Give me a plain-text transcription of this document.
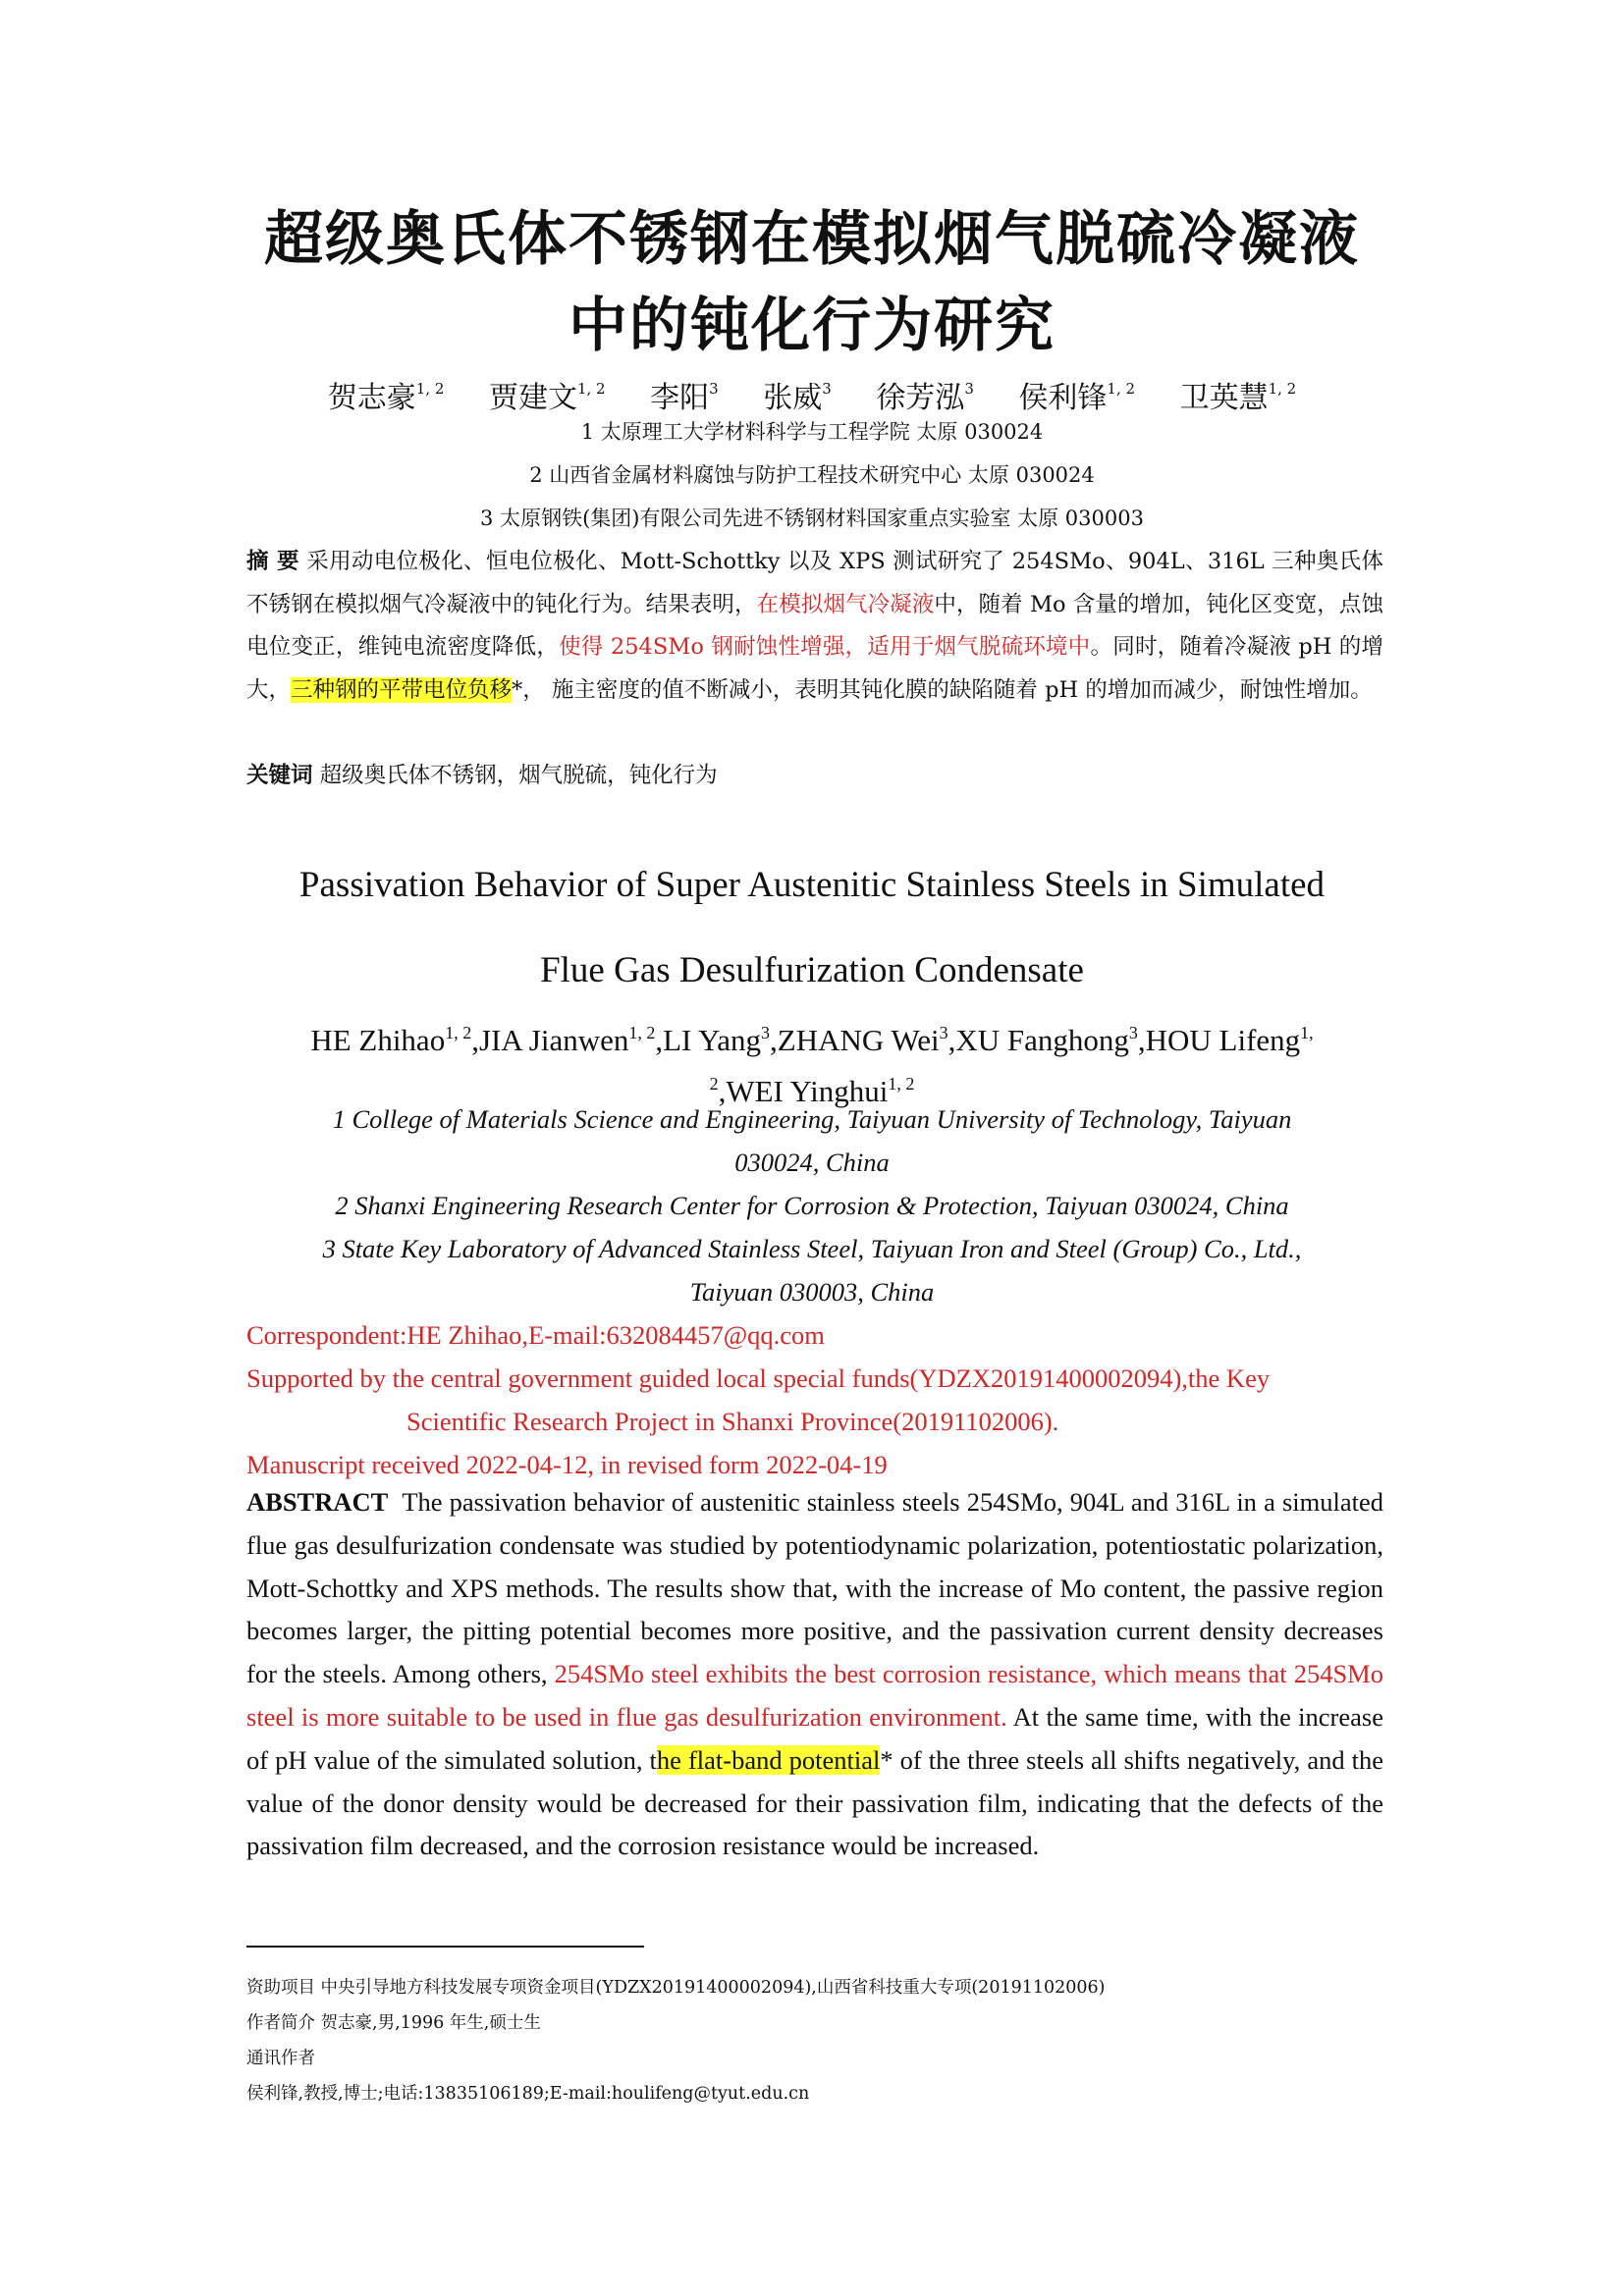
超级奥氏体不锈钢在模拟烟气脱硫冷凝液
中的钝化行为研究
贺志豪$^{1, 2}$ 贾建文$^{1, 2}$ 李阳$^3$ 张威$^3$ 徐芳泓$^3$ 侯利锋$^{1, 2}$ 卫英慧$^{1, 2}$
1 太原理工大学材料科学与工程学院 太原 030024
2 山西省金属材料腐蚀与防护工程技术研究中心 太原 030024
3 太原钢铁(集团)有限公司先进不锈钢材料国家重点实验室 太原 030003
摘 要 采用动电位极化、恒电位极化、Mott-Schottky 以及 XPS 测试研究了 254SMo、904L、316L 三种奥氏体不锈钢在模拟烟气冷凝液中的钝化行为。结果表明，在模拟烟气冷凝液中，随着 Mo 含量的增加，钝化区变宽，点蚀电位变正，维钝电流密度降低，使得 254SMo 钢耐蚀性增强，适用于烟气脱硫环境中。同时，随着冷凝液 pH 的增大，三种钢的平带电位负移*， 施主密度的值不断减小，表明其钝化膜的缺陷随着 pH 的增加而减少，耐蚀性增加。
关键词 超级奥氏体不锈钢，烟气脱硫，钝化行为
Passivation Behavior of Super Austenitic Stainless Steels in Simulated
Flue Gas Desulfurization Condensate
HE Zhihao$^{1, 2}$,JIA Jianwen$^{1, 2}$,LI Yang$^3$,ZHANG Wei$^3$,XU Fanghong$^3$,HOU Lifeng$^{1, 2}$,WEI Yinghui$^{1, 2}$
1 College of Materials Science and Engineering, Taiyuan University of Technology, Taiyuan
030024, China
2 Shanxi Engineering Research Center for Corrosion & Protection, Taiyuan 030024, China
3 State Key Laboratory of Advanced Stainless Steel, Taiyuan Iron and Steel (Group) Co., Ltd.,
Taiyuan 030003, China
Correspondent:HE Zhihao,E-mail:632084457@qq.com
Supported by the central government guided local special funds(YDZX20191400002094),the Key
Scientific Research Project in Shanxi Province(20191102006).
Manuscript received 2022-04-12, in revised form 2022-04-19
ABSTRACT The passivation behavior of austenitic stainless steels 254SMo, 904L and 316L in a simulated flue gas desulfurization condensate was studied by potentiodynamic polarization, potentiostatic polarization, Mott-Schottky and XPS methods. The results show that, with the increase of Mo content, the passive region becomes larger, the pitting potential becomes more positive, and the passivation current density decreases for the steels. Among others, 254SMo steel exhibits the best corrosion resistance, which means that 254SMo steel is more suitable to be used in flue gas desulfurization environment. At the same time, with the increase of pH value of the simulated solution, the flat-band potential* of the three steels all shifts negatively, and the value of the donor density would be decreased for their passivation film, indicating that the defects of the passivation film decreased, and the corrosion resistance would be increased.
资助项目 中央引导地方科技发展专项资金项目(YDZX20191400002094),山西省科技重大专项(20191102006)
作者简介 贺志豪,男,1996 年生,硕士生
通讯作者
侯利锋,教授,博士;电话:13835106189;E-mail:houlifeng@tyut.edu.cn
